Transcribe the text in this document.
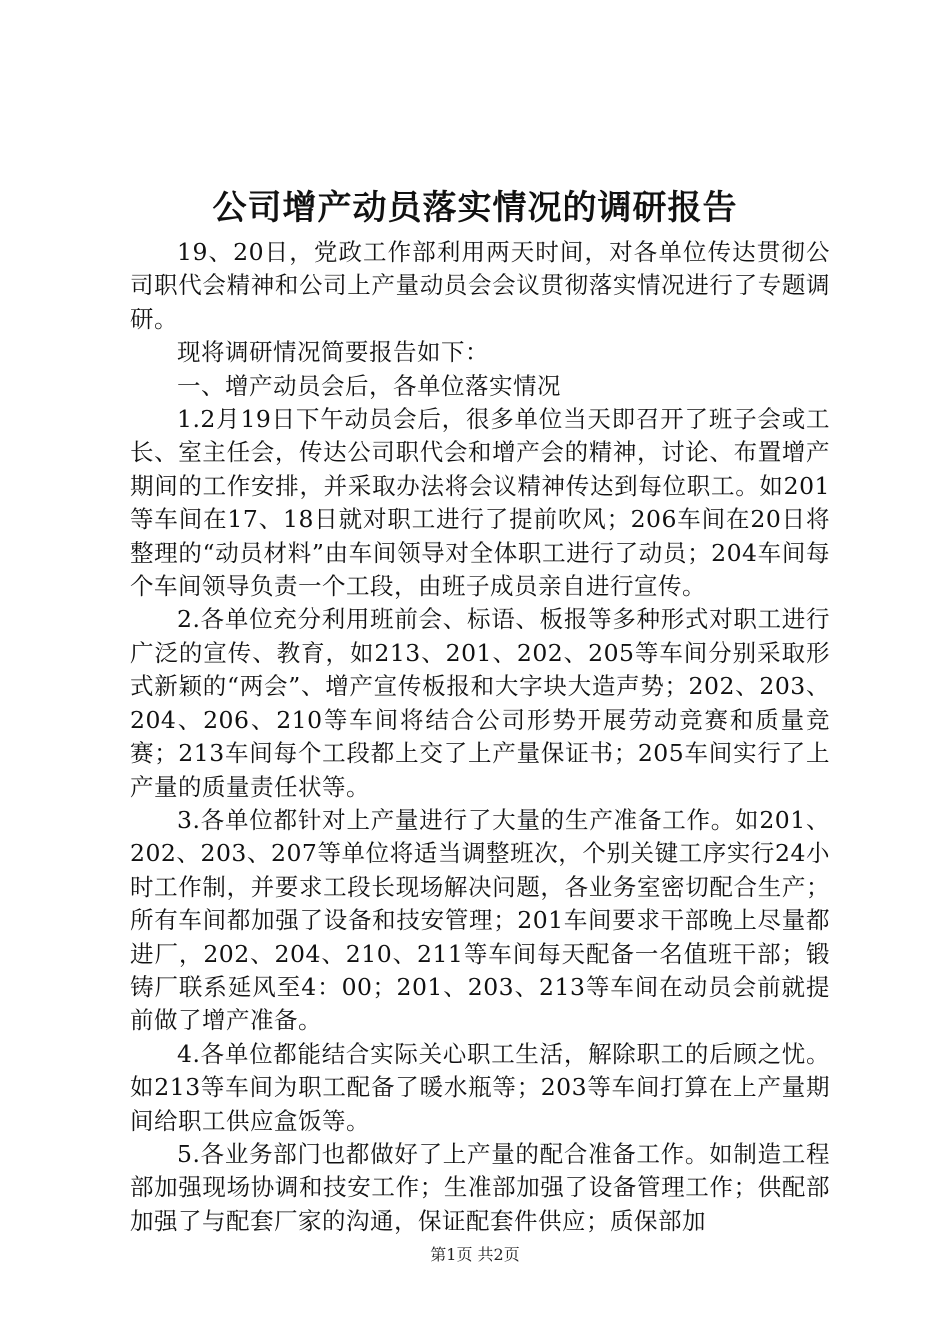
公司增产动员落实情况的调研报告

19、20日，党政工作部利用两天时间，对各单位传达贯彻公司职代会精神和公司上产量动员会会议贯彻落实情况进行了专题调研。

现将调研情况简要报告如下：

一、增产动员会后，各单位落实情况

1.2月19日下午动员会后，很多单位当天即召开了班子会或工长、室主任会，传达公司职代会和增产会的精神，讨论、布置增产期间的工作安排，并采取办法将会议精神传达到每位职工。如201等车间在17、18日就对职工进行了提前吹风；206车间在20日将整理的“动员材料”由车间领导对全体职工进行了动员；204车间每个车间领导负责一个工段，由班子成员亲自进行宣传。

2.各单位充分利用班前会、标语、板报等多种形式对职工进行广泛的宣传、教育，如213、201、202、205等车间分别采取形式新颖的“两会”、增产宣传板报和大字块大造声势；202、203、204、206、210等车间将结合公司形势开展劳动竞赛和质量竞赛；213车间每个工段都上交了上产量保证书；205车间实行了上产量的质量责任状等。

3.各单位都针对上产量进行了大量的生产准备工作。如201、202、203、207等单位将适当调整班次，个别关键工序实行24小时工作制，并要求工段长现场解决问题，各业务室密切配合生产；所有车间都加强了设备和技安管理；201车间要求干部晚上尽量都进厂，202、204、210、211等车间每天配备一名值班干部；锻铸厂联系延风至4：00；201、203、213等车间在动员会前就提前做了增产准备。

4.各单位都能结合实际关心职工生活，解除职工的后顾之忧。如213等车间为职工配备了暖水瓶等；203等车间打算在上产量期间给职工供应盒饭等。

5.各业务部门也都做好了上产量的配合准备工作。如制造工程部加强现场协调和技安工作；生准部加强了设备管理工作；供配部加强了与配套厂家的沟通，保证配套件供应；质保部加

第1页 共2页
